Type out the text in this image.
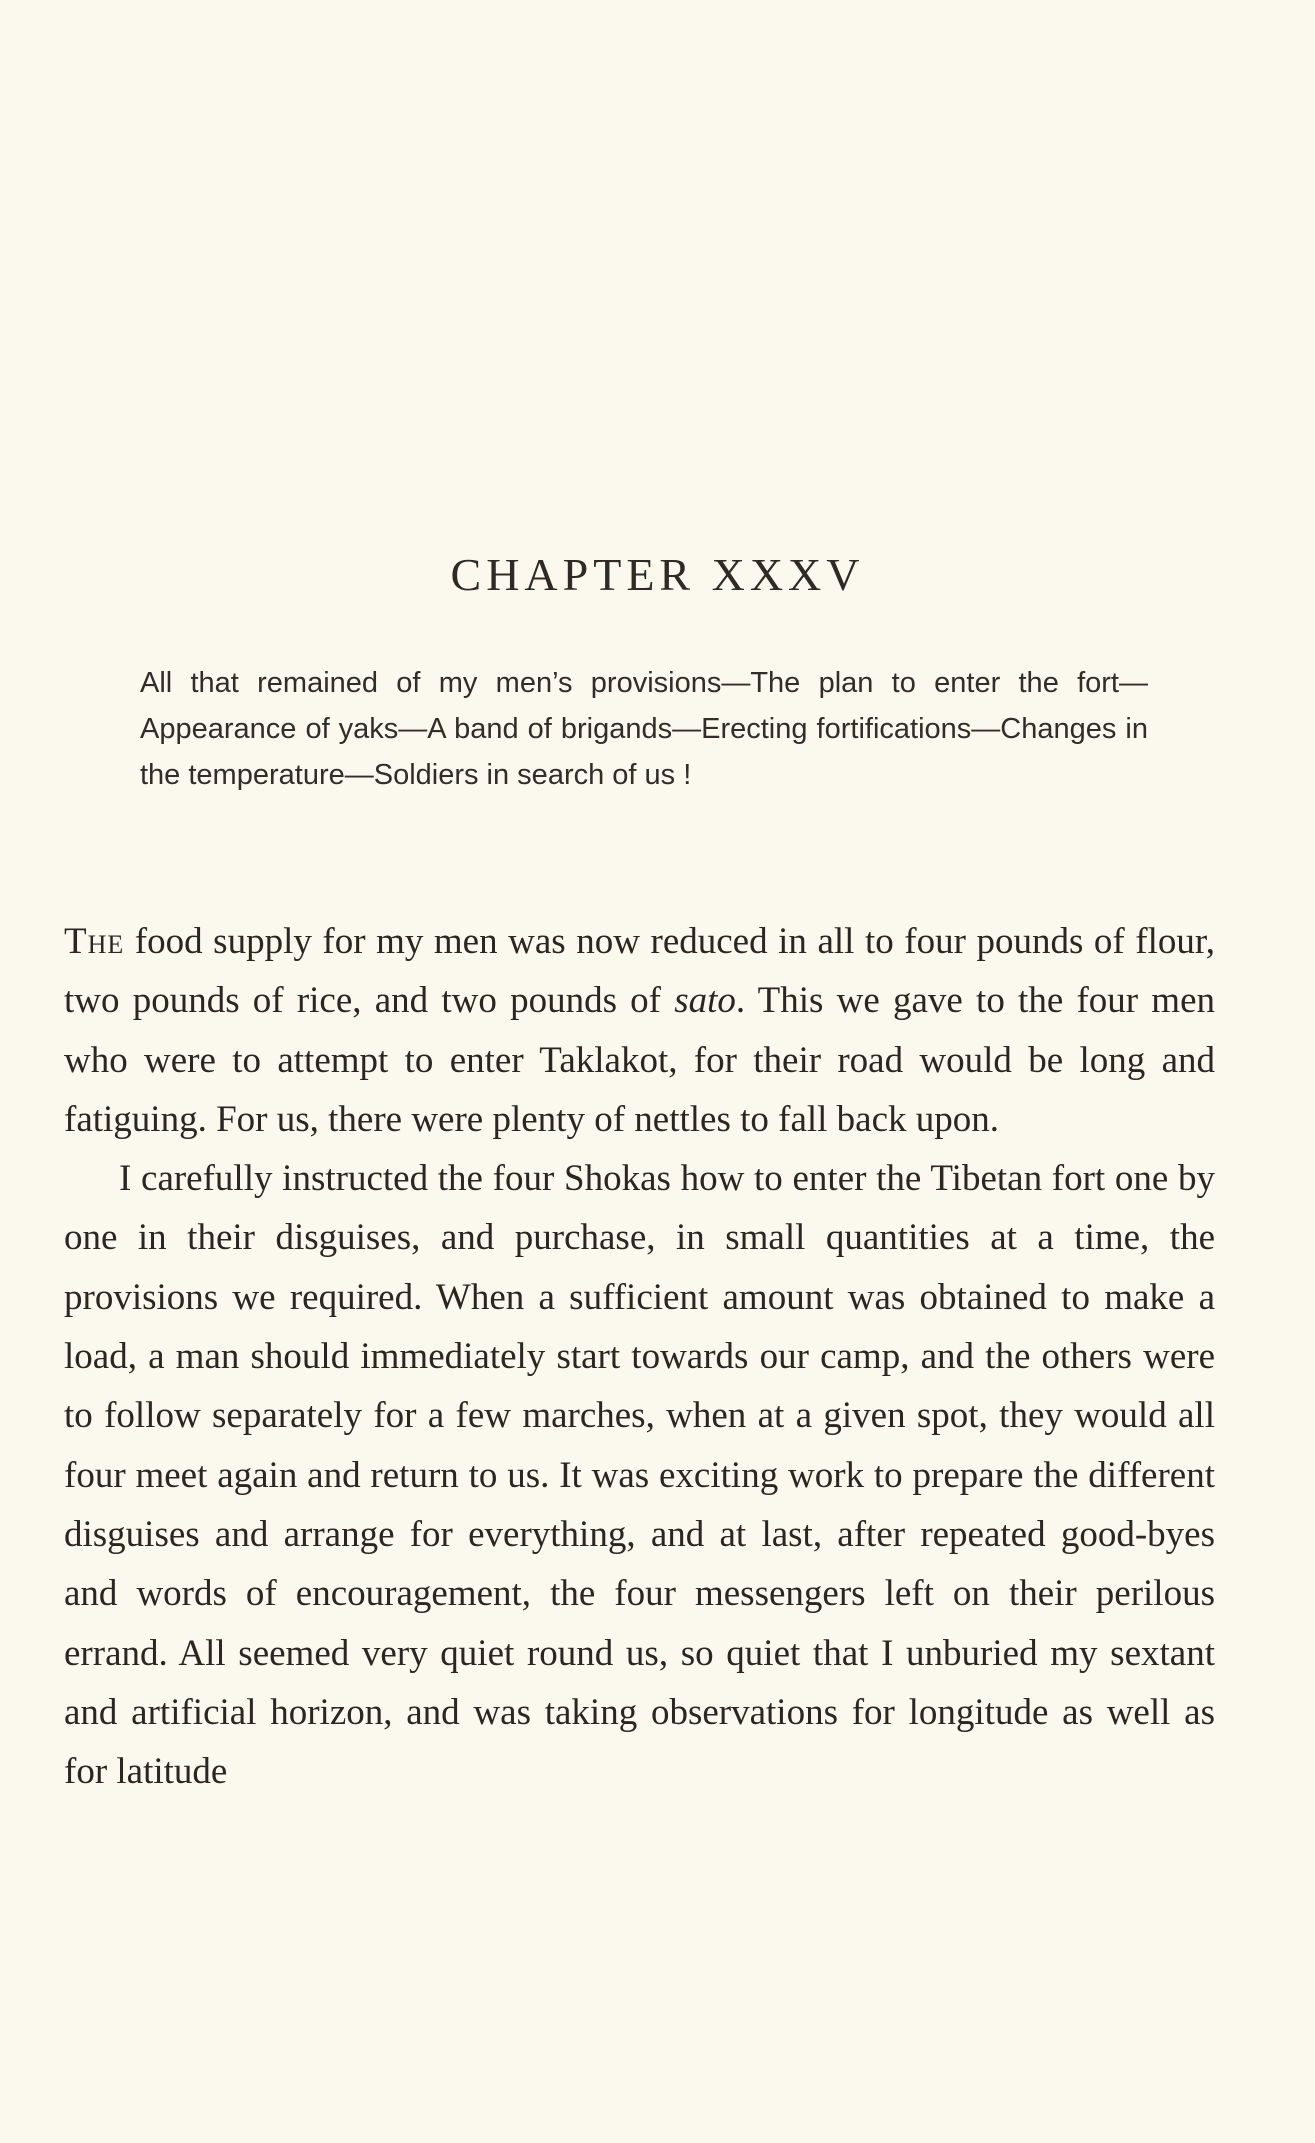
CHAPTER XXXV

All that remained of my men’s provisions—The plan to enter the fort—Appearance of yaks—A band of brigands—Erecting fortifications—Changes in the temperature—Soldiers in search of us !

The food supply for my men was now reduced in all to four pounds of flour, two pounds of rice, and two pounds of sato. This we gave to the four men who were to attempt to enter Taklakot, for their road would be long and fatiguing. For us, there were plenty of nettles to fall back upon.

I carefully instructed the four Shokas how to enter the Tibetan fort one by one in their disguises, and purchase, in small quantities at a time, the provisions we required. When a sufficient amount was obtained to make a load, a man should immediately start towards our camp, and the others were to follow separately for a few marches, when at a given spot, they would all four meet again and return to us. It was exciting work to prepare the different disguises and arrange for everything, and at last, after repeated good-byes and words of encouragement, the four messengers left on their perilous errand. All seemed very quiet round us, so quiet that I unburied my sextant and artificial horizon, and was taking observations for longitude as well as for latitude
